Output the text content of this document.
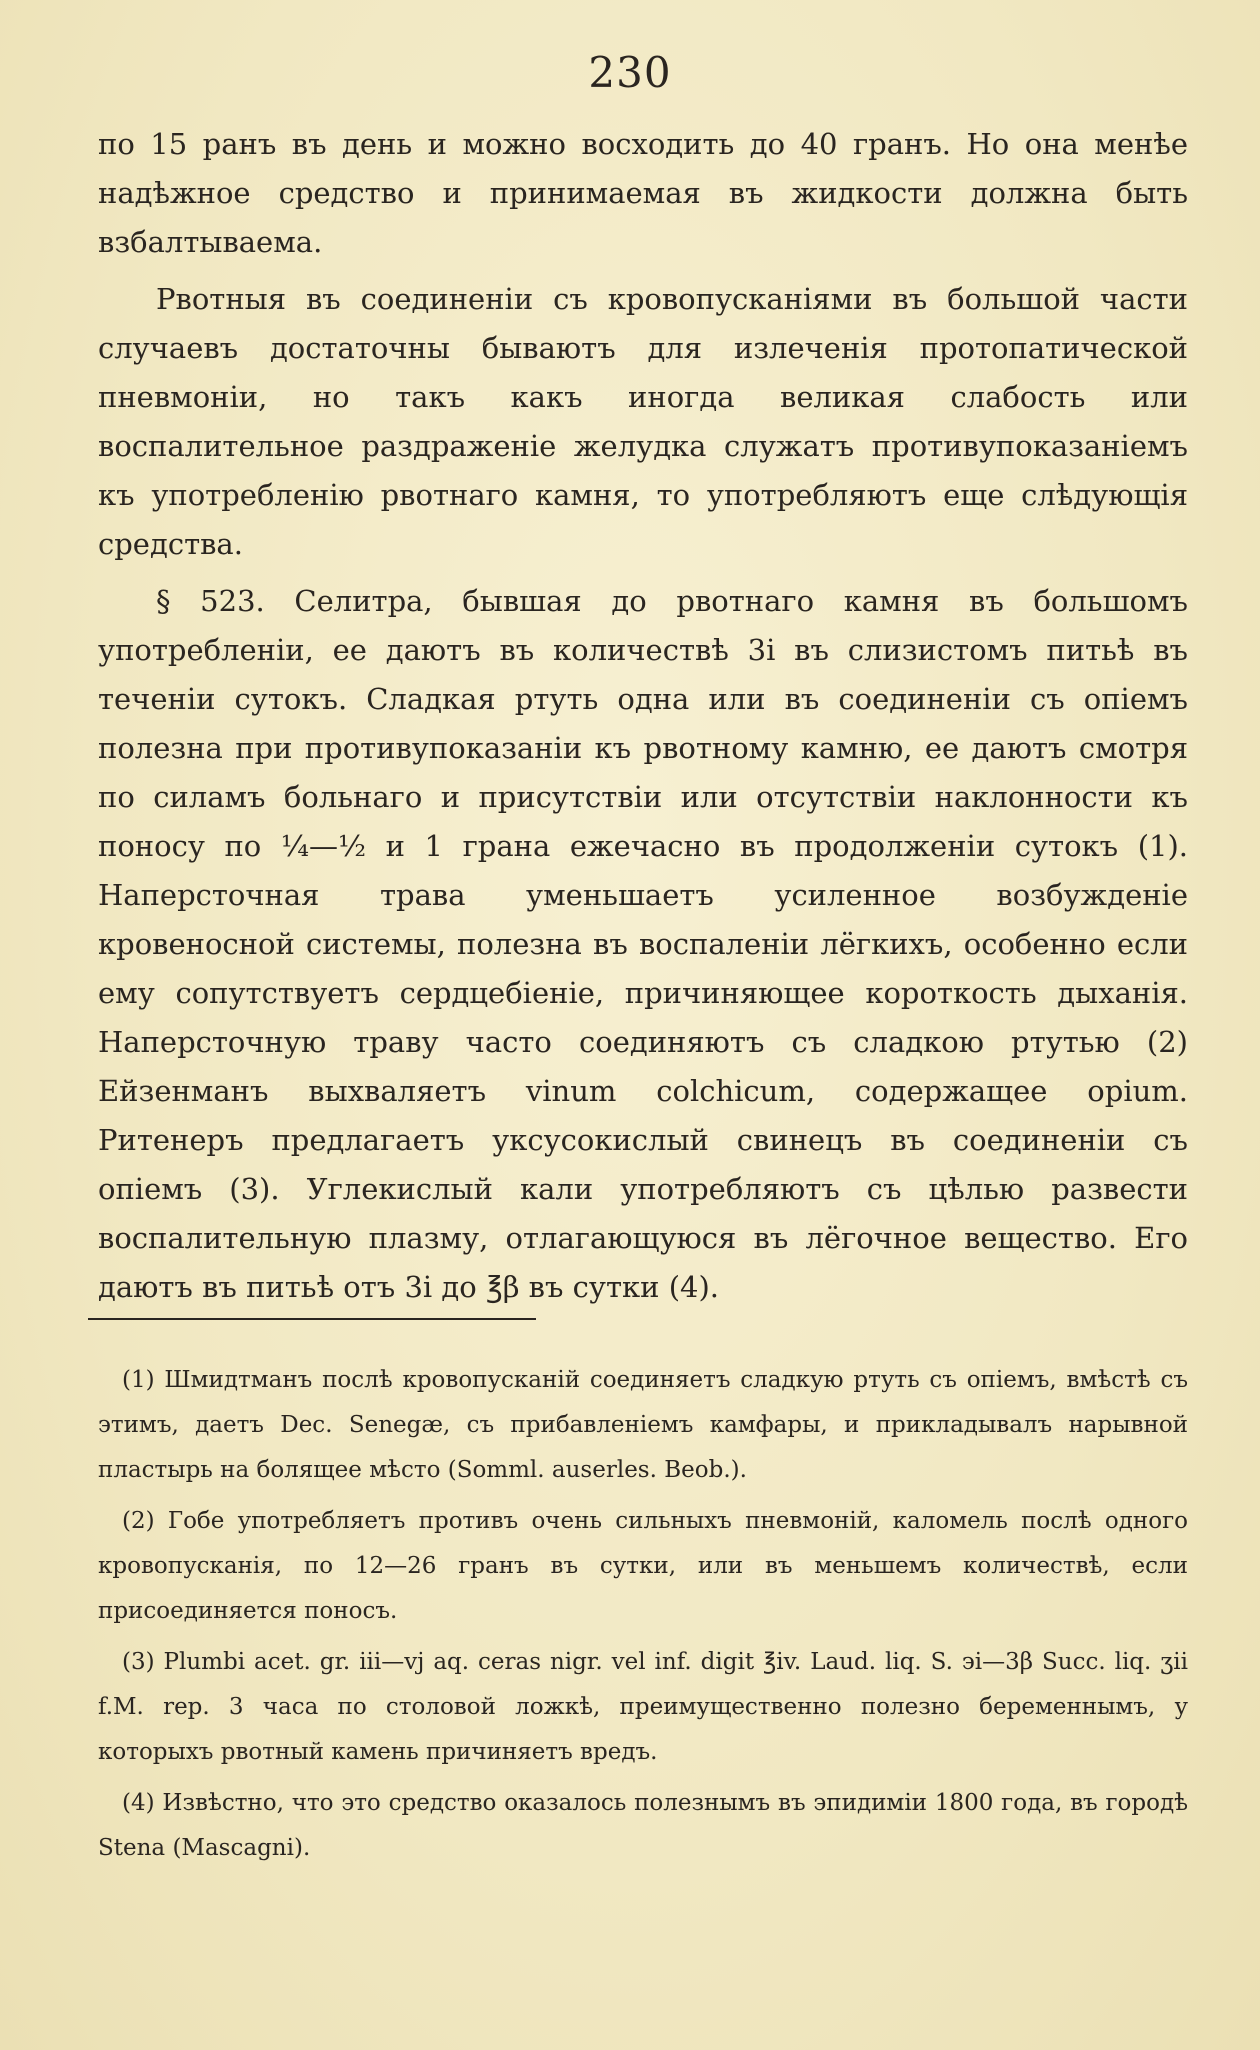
230

по 15 ранъ въ день и можно восходить до 40 гранъ. Но она менѣе надѣжное средство и принимаемая въ жидкости должна быть взбалтываема.

Рвотныя въ соединеніи съ кровопусканіями въ большой части случаевъ достаточны бываютъ для излеченія протопатической пневмоніи, но такъ какъ иногда великая слабость или воспалительное раздраженіе желудка служатъ противупоказаніемъ къ употребленію рвотнаго камня, то употребляютъ еще слѣдующія средства.

§ 523. Селитра, бывшая до рвотнаго камня въ большомъ употребленіи, ее даютъ въ количествѣ 3і въ слизистомъ питьѣ въ теченіи сутокъ. Сладкая ртуть одна или въ соединеніи съ опіемъ полезна при противупоказаніи къ рвотному камню, ее даютъ смотря по силамъ больнаго и присутствіи или отсутствіи наклонности къ поносу по ¼—½ и 1 грана ежечасно въ продолженіи сутокъ (1). Наперсточная трава уменьшаетъ усиленное возбужденіе кровеносной системы, полезна въ воспаленіи лёгкихъ, особенно если ему сопутствуетъ сердцебіеніе, причиняющее короткость дыханія. Наперсточную траву часто соединяютъ съ сладкою ртутью (2) Ейзенманъ выхваляетъ vinum colchicum, содержащее opium. Ритенеръ предлагаетъ уксусокислый свинецъ въ соединеніи съ опіемъ (3). Углекислый кали употребляютъ съ цѣлью развести воспалительную плазму, отлагающуюся въ лёгочное вещество. Его даютъ въ питьѣ отъ 3і до ℥β въ сутки (4).

(1) Шмидтманъ послѣ кровопусканій соединяетъ сладкую ртуть съ опіемъ, вмѣстѣ съ этимъ, даетъ Dec. Senegæ, съ прибавленіемъ камфары, и прикладывалъ нарывной пластырь на болящее мѣсто (Somml. auserles. Beob.).

(2) Гобе употребляетъ противъ очень сильныхъ пневмоній, каломель послѣ одного кровопусканія, по 12—26 гранъ въ сутки, или въ меньшемъ количествѣ, если присоединяется поносъ.

(3) Plumbi acet. gr. iii—vj aq. ceras nigr. vel inf. digit ℥iv. Laud. liq. S. эі—3β Succ. liq. ʒii f.M. rep. 3 часа по столовой ложкѣ, преимущественно полезно беременнымъ, у которыхъ рвотный камень причиняетъ вредъ.

(4) Извѣстно, что это средство оказалось полезнымъ въ эпидиміи 1800 года, въ городѣ Stena (Mascagni).
